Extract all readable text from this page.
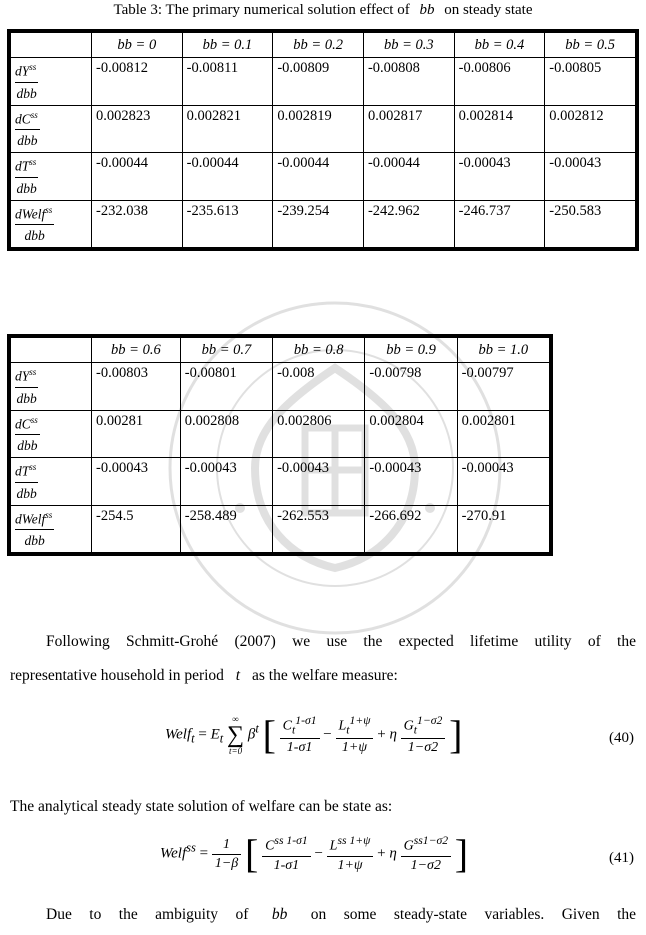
Table 3: The primary numerical solution effect of bb on steady state
	bb = 0	bb = 0.1	bb = 0.2	bb = 0.3	bb = 0.4	bb = 0.5

$\frac{dY^{ss}}{\text{dbb}}$	-0.00812	-0.00811	-0.00809	-0.00808	-0.00806	-0.00805

$\frac{dC^{ss}}{\text{dbb}}$	0.002823	0.002821	0.002819	0.002817	0.002814	0.002812

$\frac{dT^{ss}}{\text{dbb}}$	-0.00044	-0.00044	-0.00044	-0.00044	-0.00043	-0.00043

$\frac{dWelf^{ss}}{\text{dbb}}$	-232.038	-235.613	-239.254	-242.962	-246.737	-250.583
	bb = 0.6	bb = 0.7	bb = 0.8	bb = 0.9	bb = 1.0

$\frac{dY^{ss}}{\text{dbb}}$	-0.00803	-0.00801	-0.008	-0.00798	-0.00797

$\frac{dC^{ss}}{\text{dbb}}$	0.00281	0.002808	0.002806	0.002804	0.002801

$\frac{dT^{ss}}{\text{dbb}}$	-0.00043	-0.00043	-0.00043	-0.00043	-0.00043

$\frac{dWelf^{ss}}{\text{dbb}}$	-254.5	-258.489	-262.553	-266.692	-270.91
Following Schmitt-Grohé (2007) we use the expected lifetime utility of the
representative household in period t as the welfare measure:
Welf$_t$ = $E_t$
∞
∑
t=0
$\beta^t$ [ $\frac{C_t^{1-\sigma 1}}{1-\sigma 1} - \frac{L_t^{1+\psi}}{1+\psi} + \eta \frac{G_t^{1-\sigma 2}}{1-\sigma 2}$ ]	(40)
The analytical steady state solution of welfare can be state as:
Welf$^{ss}$ = $\frac{1}{1-\beta}$ [ $C^{ss 1-\sigma 1}$
1-σ1
− $L^{ss 1+\psi}$
1+ψ
+ η $G^{ss1-\sigma 2}$
1−σ2 ]	(41)
Due to the ambiguity of bb on some steady-state variables. Given the
